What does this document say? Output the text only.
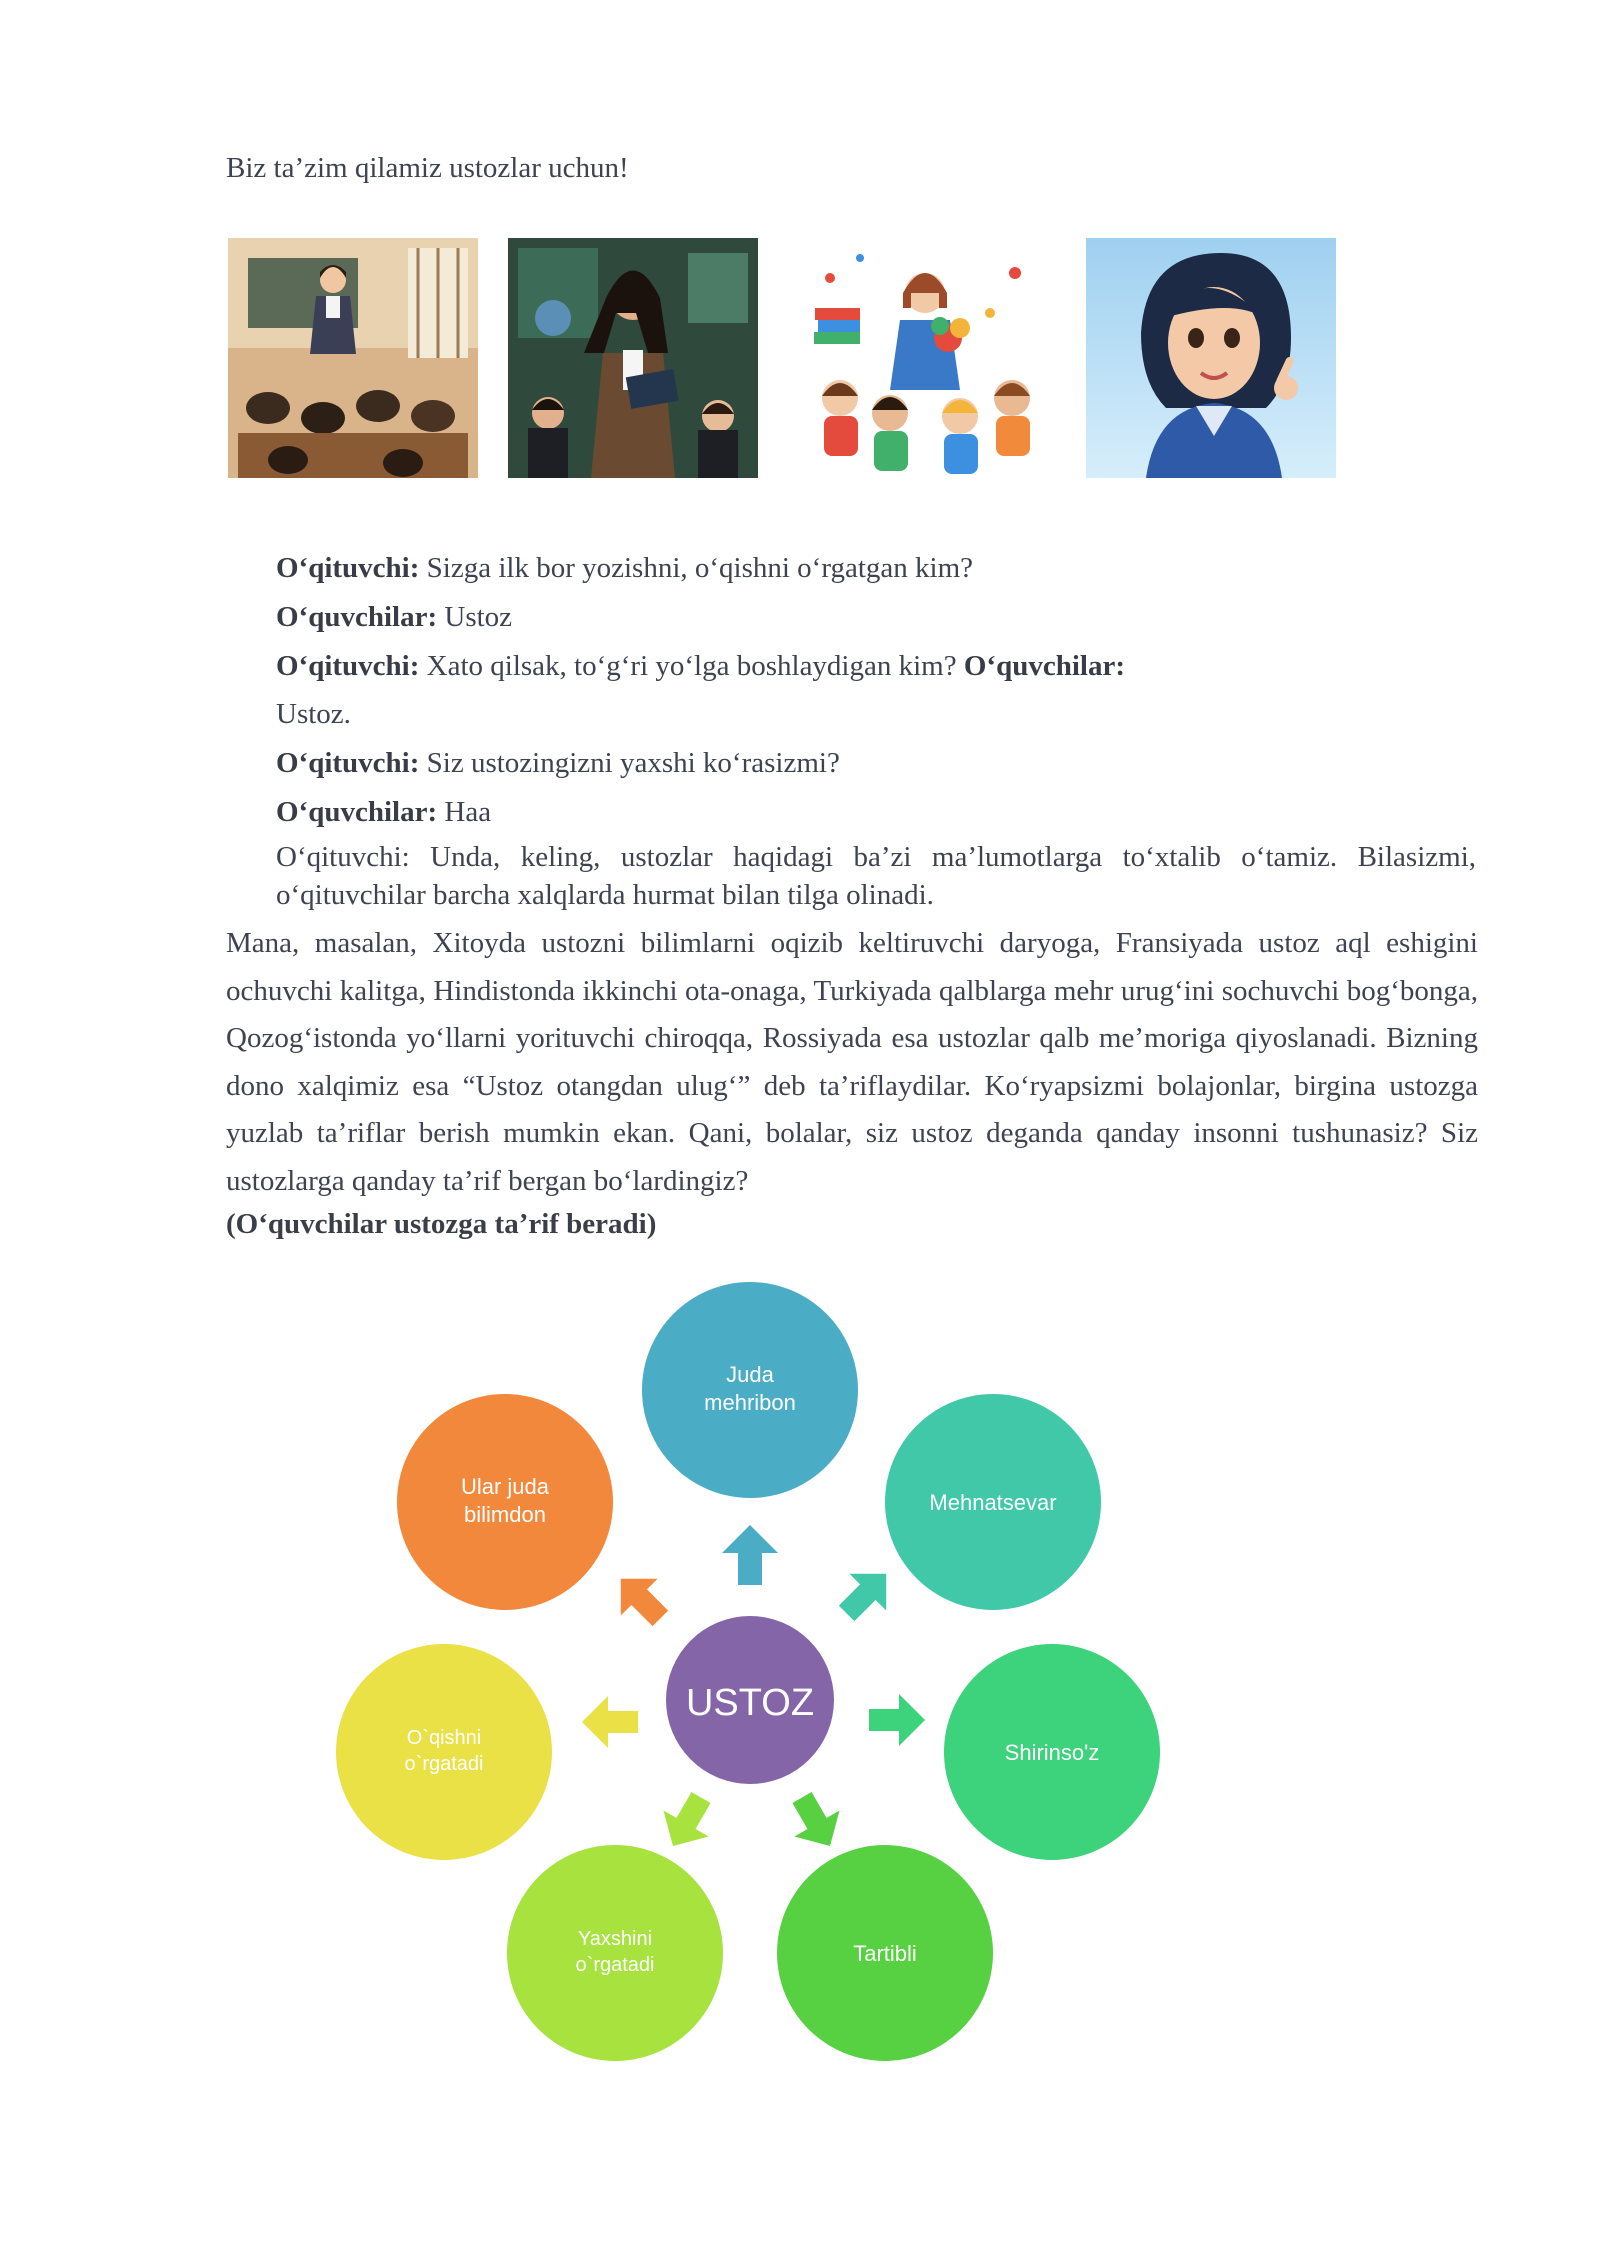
Biz ta’zim qilamiz ustozlar uchun!
O‘qituvchi: Sizga ilk bor yozishni, o‘qishni o‘rgatgan kim?
O‘quvchilar: Ustoz
O‘qituvchi: Xato qilsak, to‘g‘ri yo‘lga boshlaydigan kim? O‘quvchilar:
Ustoz.
O‘qituvchi: Siz ustozingizni yaxshi ko‘rasizmi?
O‘quvchilar: Haa
O‘qituvchi: Unda, keling, ustozlar haqidagi ba’zi ma’lumotlarga to‘xtalib o‘tamiz. Bilasizmi, o‘qituvchilar barcha xalqlarda hurmat bilan tilga olinadi.
Mana, masalan, Xitoyda ustozni bilimlarni oqizib keltiruvchi daryoga, Fransiyada ustoz aql eshigini ochuvchi kalitga, Hindistonda ikkinchi ota-onaga, Turkiyada qalblarga mehr urug‘ini sochuvchi bog‘bonga, Qozog‘istonda yo‘llarni yorituvchi chiroqqa, Rossiyada esa ustozlar qalb me’moriga qiyoslanadi. Bizning dono xalqimiz esa “Ustoz otangdan ulug‘” deb ta’riflaydilar. Ko‘ryapsizmi bolajonlar, birgina ustozga yuzlab ta’riflar berish mumkin ekan. Qani, bolalar, siz ustoz deganda qanday insonni tushunasiz? Siz ustozlarga qanday ta’rif bergan bo‘lardingiz?
(O‘quvchilar ustozga ta’rif beradi)
Juda
mehribon
Mehnatsevar
Shirinso'z
Tartibli
Yaxshini
o`rgatadi
O`qishni
o`rgatadi
Ular juda
bilimdon
USTOZ
